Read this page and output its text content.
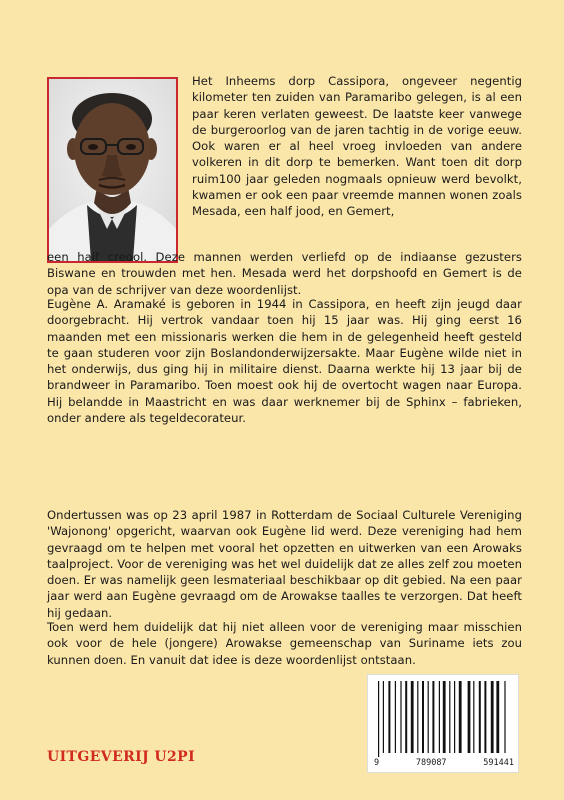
Het Inheems dorp Cassipora, ongeveer negentig kilometer ten zuiden van Paramaribo gelegen, is al een paar keren verlaten geweest. De laatste keer vanwege de burgeroorlog van de jaren tachtig in de vorige eeuw. Ook waren er al heel vroeg invloeden van andere volkeren in dit dorp te bemerken. Want toen dit dorp ruim100 jaar geleden nogmaals opnieuw werd bevolkt, kwamen er ook een paar vreemde mannen wonen zoals Mesada, een half jood, en Gemert,

een half creool. Deze mannen werden verliefd op de indiaanse gezusters Biswane en trouwden met hen. Mesada werd het dorpshoofd en Gemert is de opa van de schrijver van deze woordenlijst.

Eugène A. Aramaké is geboren in 1944 in Cassipora, en heeft zijn jeugd daar doorgebracht. Hij vertrok vandaar toen hij 15 jaar was. Hij ging eerst 16 maanden met een missionaris werken die hem in de gelegenheid heeft gesteld te gaan studeren voor zijn Boslandonderwijzersakte. Maar Eugène wilde niet in het onderwijs, dus ging hij in militaire dienst. Daarna werkte hij 13 jaar bij de brandweer in Paramaribo. Toen moest ook hij de overtocht wagen naar Europa. Hij belandde in Maastricht en was daar werknemer bij de Sphinx – fabrieken, onder andere als tegeldecorateur.

Ondertussen was op 23 april 1987 in Rotterdam de Sociaal Culturele Vereniging 'Wajonong' opgericht, waarvan ook Eugène lid werd. Deze vereniging had hem gevraagd om te helpen met vooral het opzetten en uitwerken van een Arowaks taalproject. Voor de vereniging was het wel duidelijk dat ze alles zelf zou moeten doen. Er was namelijk geen lesmateriaal beschikbaar op dit gebied. Na een paar jaar werd aan Eugène gevraagd om de Arowakse taalles te verzorgen. Dat heeft hij gedaan.

Toen werd hem duidelijk dat hij niet alleen voor de vereniging maar misschien ook voor de hele (jongere) Arowakse gemeenschap van Suriname iets zou kunnen doen. En vanuit dat idee is deze woordenlijst ontstaan.

UITGEVERIJ U2PI	9	789087	591441
